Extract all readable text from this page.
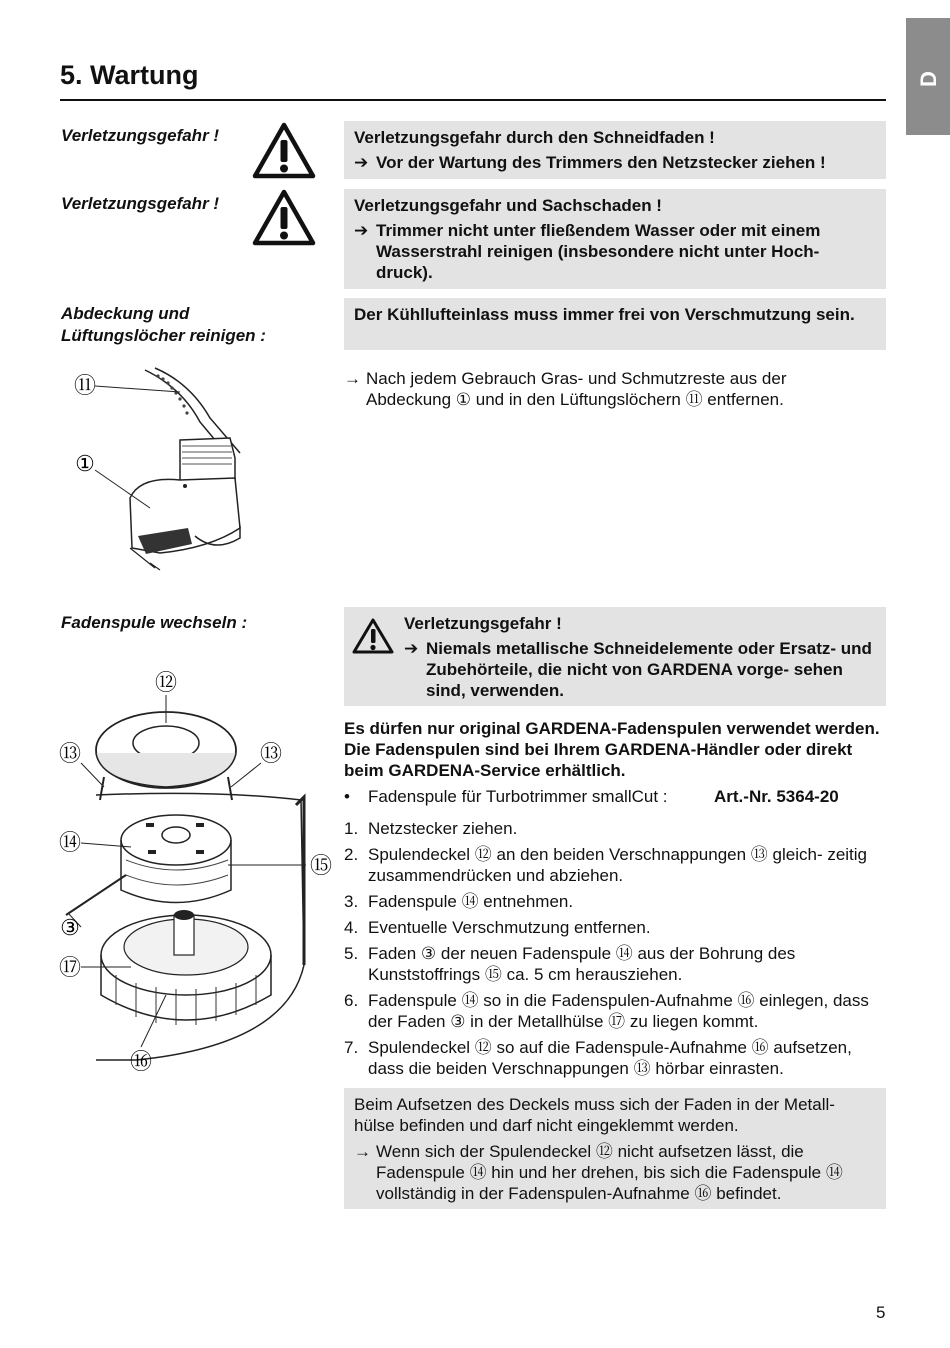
D
5. Wartung
Verletzungsgefahr !
Verletzungsgefahr !
Abdeckung und
Lüftungslöcher reinigen :
Fadenspule wechseln :
Verletzungsgefahr durch den Schneidfaden !
➔ Vor der Wartung des Trimmers den Netzstecker ziehen !
Verletzungsgefahr und Sachschaden !
➔ Trimmer nicht unter fließendem Wasser oder mit einem Wasserstrahl reinigen (insbesondere nicht unter Hoch- druck).
Der Kühllufteinlass muss immer frei von Verschmutzung sein.
→ Nach jedem Gebrauch Gras- und Schmutzreste aus der Abdeckung ① und in den Lüftungslöchern ⑪ entfernen.
⑪
①
Verletzungsgefahr !
➔ Niemals metallische Schneidelemente oder Ersatz- und Zubehörteile, die nicht von GARDENA vorge- sehen sind, verwenden.
Es dürfen nur original GARDENA-Fadenspulen verwendet werden. Die Fadenspulen sind bei Ihrem GARDENA-Händler oder direkt beim GARDENA-Service erhältlich.
• Fadenspule für Turbotrimmer smallCut :	Art.-Nr. 5364-20
1. Netzstecker ziehen.
2. Spulendeckel ⑫ an den beiden Verschnappungen ⑬ gleich- zeitig zusammendrücken und abziehen.
3. Fadenspule ⑭ entnehmen.
4. Eventuelle Verschmutzung entfernen.
5. Faden ③ der neuen Fadenspule ⑭ aus der Bohrung des Kunststoffrings ⑮ ca. 5 cm herausziehen.
6. Fadenspule ⑭ so in die Fadenspulen-Aufnahme ⑯ einlegen, dass der Faden ③ in der Metallhülse ⑰ zu liegen kommt.
7. Spulendeckel ⑫ so auf die Fadenspule-Aufnahme ⑯ aufsetzen, dass die beiden Verschnappungen ⑬ hörbar einrasten.
Beim Aufsetzen des Deckels muss sich der Faden in der Metall- hülse befinden und darf nicht eingeklemmt werden.
→ Wenn sich der Spulendeckel ⑫ nicht aufsetzen lässt, die Fadenspule ⑭ hin und her drehen, bis sich die Fadenspule ⑭ vollständig in der Fadenspulen-Aufnahme ⑯ befindet.
⑫
⑬	⑬
⑭
⑮
③
⑰
⑯
5
